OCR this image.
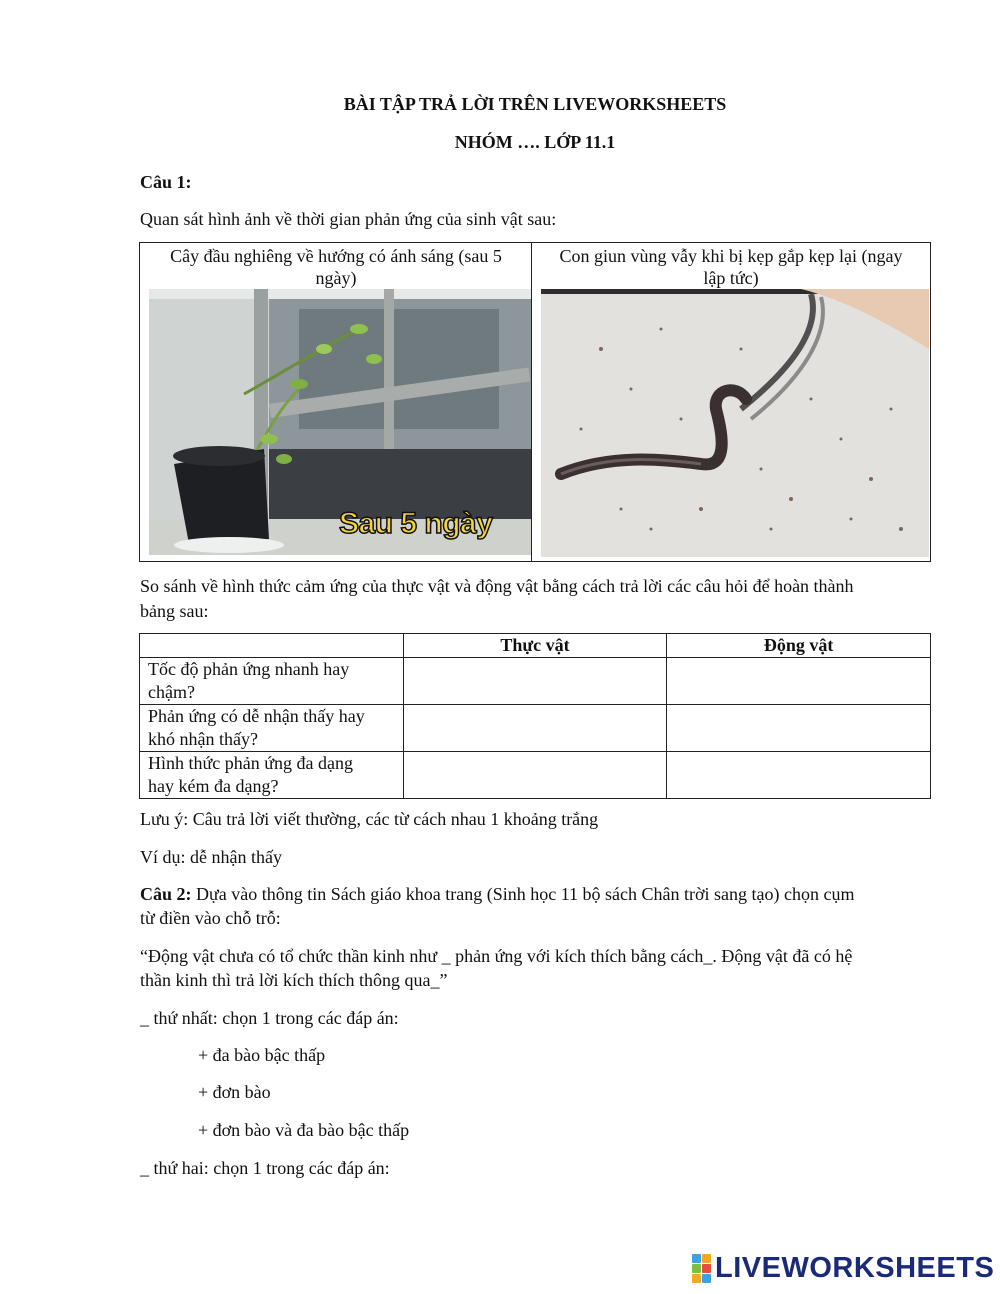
BÀI TẬP TRẢ LỜI TRÊN LIVEWORKSHEETS
NHÓM …. LỚP 11.1
Câu 1:
Quan sát hình ảnh về thời gian phản ứng của sinh vật sau:
Cây đầu nghiêng về hướng có ánh sáng (sau 5
ngày)
Con giun vùng vẫy khi bị kẹp gắp kẹp lại (ngay
lập tức)
Sau 5 ngày
So sánh về hình thức cảm ứng của thực vật và động vật bằng cách trả lời các câu hỏi để hoàn thành
bảng sau:
	Thực vật	Động vật

Tốc độ phản ứng nhanh hay
chậm?		

Phản ứng có dễ nhận thấy hay
khó nhận thấy?		

Hình thức phản ứng đa dạng
hay kém đa dạng?		

Lưu ý: Câu trả lời viết thường, các từ cách nhau 1 khoảng trắng
Ví dụ: dễ nhận thấy
Câu 2: Dựa vào thông tin Sách giáo khoa trang (Sinh học 11 bộ sách Chân trời sang tạo) chọn cụm
từ điền vào chỗ trỗ:
“Động vật chưa có tổ chức thần kinh như _ phản ứng với kích thích bằng cách_. Động vật đã có hệ
thần kinh thì trả lời kích thích thông qua_”
_ thứ nhất: chọn 1 trong các đáp án:
+ đa bào bậc thấp
+ đơn bào
+ đơn bào và đa bào bậc thấp
_ thứ hai: chọn 1 trong các đáp án:
LIVEWORKSHEETS
